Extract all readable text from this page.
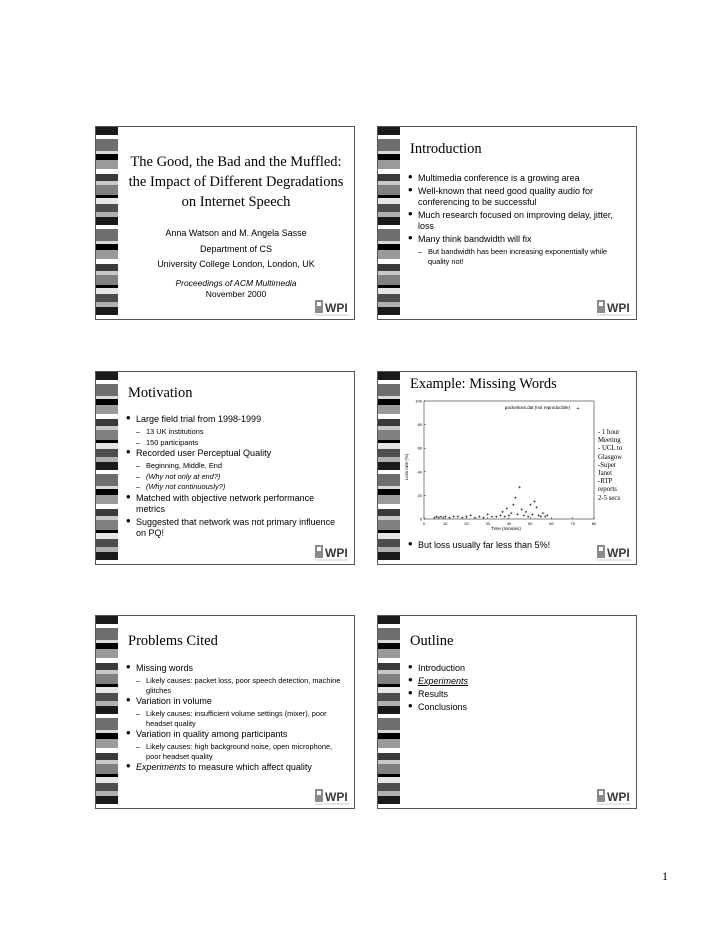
The Good, the Bad and the Muffled: the Impact of Different Degradations on Internet Speech
Anna Watson and M. Angela Sasse
Department of CS
University College London, London, UK
Proceedings of ACM Multimedia
November 2000
WPI
Introduction
• Multimedia conference is a growing area
• Well-known that need good quality audio for conferencing to be successful
• Much research focused on improving delay, jitter, loss
• Many think bandwidth will fix
– But bandwidth has been increasing exponentially while quality not!
WPI
Motivation
• Large field trial from 1998-1999
– 13 UK institutions
– 150 participants
• Recorded user Perceptual Quality
– Beginning, Middle, End
– (Why not only at end?)
– (Why not continuously?)
• Matched with objective network performance metrics
• Suggested that network was not primary influence on PQ!
WPI
Example: Missing Words
0
20
40
60
80
100
0	10	20	30	40	50	60	70	80
+
packetloss.dat (not reproducible)
Loss rate (%)
Time (minutes)
- 1 hour
Meeting
- UCL to
Glasgow
-Super
Janet
-RTP
reports
2-5 secs
• But loss usually far less than 5%!
WPI
Problems Cited
• Missing words
– Likely causes: packet loss, poor speech detection, machine glitches
• Variation in volume
– Likely causes: insufficient volume settings (mixer), poor headset quality
• Variation in quality among participants
– Likely causes: high background noise, open microphone, poor headset quality
• Experiments to measure which affect quality
WPI
Outline
• Introduction
• Experiments
• Results
• Conclusions
WPI
1
